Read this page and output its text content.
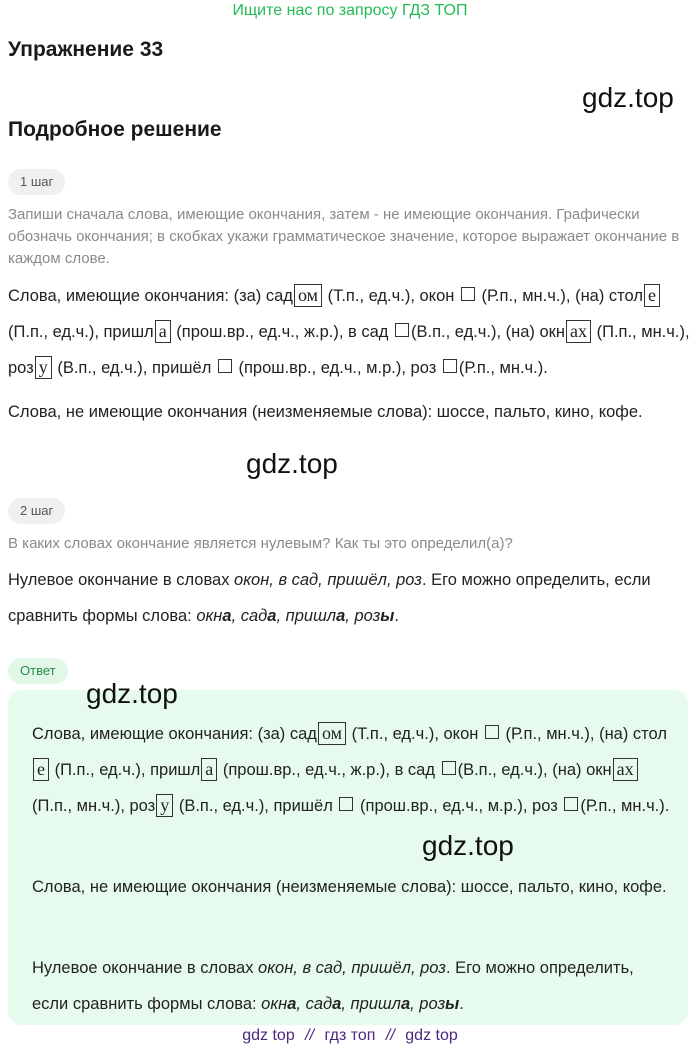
Ищите нас по запросу ГДЗ ТОП
Упражнение 33
gdz.top
Подробное решение
1 шаг
Запиши сначала слова, имеющие окончания, затем - не имеющие окончания. Графически обозначь окончания; в скобках укажи грамматическое значение, которое выражает окончание в каждом слове.
Слова, имеющие окончания: (за) сад ом (Т.п., ед.ч.), окон  (Р.п., мн.ч.), (на) стол е (П.п., ед.ч.), пришл а (прош.вр., ед.ч., ж.р.), в сад (В.п., ед.ч.), (на) окн ах (П.п., мн.ч.), роз у (В.п., ед.ч.), пришёл  (прош.вр., ед.ч., м.р.), роз (Р.п., мн.ч.).
Слова, не имеющие окончания (неизменяемые слова): шоссе, пальто, кино, кофе.
gdz.top
2 шаг
В каких словах окончание является нулевым? Как ты это определил(а)?
Нулевое окончание в словах окон, в сад, пришёл, роз. Его можно определить, если сравнить формы слова: окна, сада, пришла, розы.
Ответ
gdz.top
Слова, имеющие окончания: (за) сад ом (Т.п., ед.ч.), окон  (Р.п., мн.ч.), (на) столе (П.п., ед.ч.), пришл а (прош.вр., ед.ч., ж.р.), в сад (В.п., ед.ч.), (на) окн ах (П.п., мн.ч.), роз у (В.п., ед.ч.), пришёл  (прош.вр., ед.ч., м.р.), роз (Р.п., мн.ч.).
gdz.top
Слова, не имеющие окончания (неизменяемые слова): шоссе, пальто, кино, кофе.
Нулевое окончание в словах окон, в сад, пришёл, роз. Его можно определить, если сравнить формы слова: окна, сада, пришла, розы.
gdz top // гдз топ // gdz top
